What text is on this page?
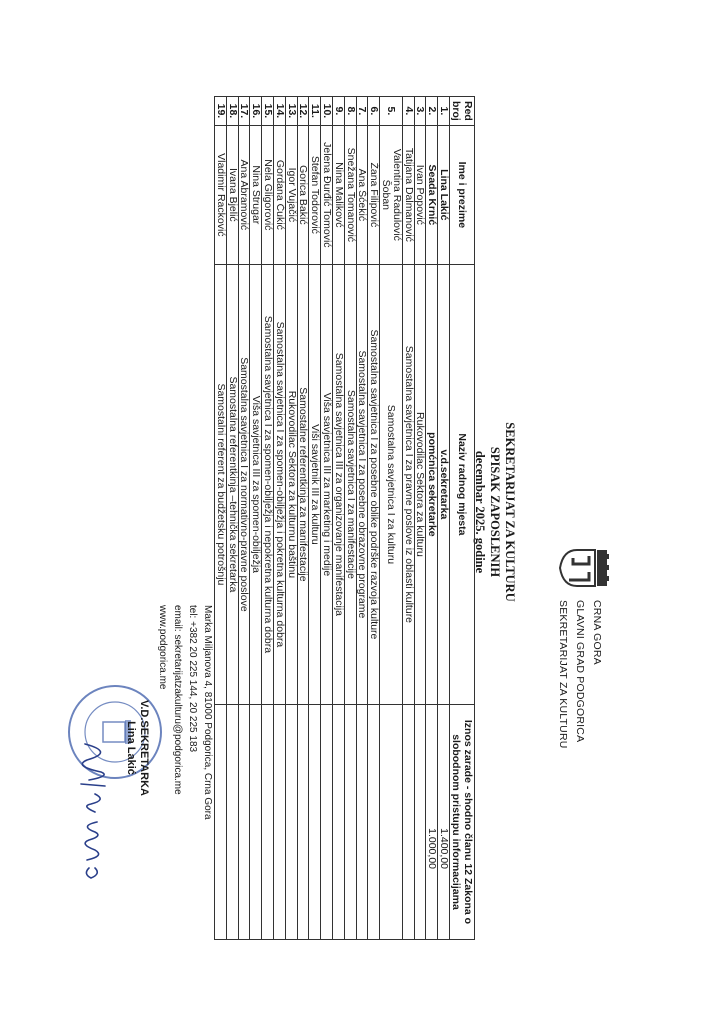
CRNA GORA
GLAVNI GRAD PODGORICA
SEKRETARIJAT ZA KULTURU
Marka Miljanova 4, 81000 Podgorica, Crna Gora
tel: +382 20 225 144, 20 225 183
email: sekretarijatzakulturu@podgorica.me
www.podgorica.me
SEKRETARIJAT ZA KULTURU
SPISAK ZAPOSLENIH
decembar 2025. godine
Red broj	Ime i prezime	Naziv radnog mjesta	Iznos zarade - shodno članu 12 Zakona o slobodnom pristupu informacijama
1.	Lina Lakić	v.d.sekretarka	1.400,00
2.	Seada Krnić	pomćnica sekretarke	1.000,00
3.	Ivan Popović	Rukovodilac Sektora za kulturu	
4.	Tatijana Dalmanović	Samostalna savjetnica I za pravne poslove iz oblasti kulture	
5.	Valentina Radulović
Šoban	Samostalna savjetnica I za kulturu	
6.	Žana Filipović	Samostalna savjetnica I za posebne oblike podrške razvoja kulture	
7.	Ana Šćekić	Samostalna savjetnica I za posebne obrazovne programe	
8.	Snežana Tomanović	Samostalna savjetnica I za manifestacije	
9.	Nina Malikovć	Samostalna savjetnica III za organizovanje manifestacija	
10.	Jelena Đurđić Tomović	Viša savjetnica III za marketing i medije	
11.	Stefan Todorović	Viši savjetnik III za kulturu	
12.	Gorica Bakić	Samostalne referentkinja za manifestacije	
13.	Igor Vujačić	Rukovodilac Sektora za kulturnu baštinu	
14.	Gordana Čukić	Samostalna savjetnica I za spomen-obilježja i pokretna kulturna dobra	
15.	Nela Gligorović	Samostalna savjetnica I za spomen-obilježja i nepokretna kulturna dobra	
16.	Nina Strugar	Viša savjetnica III za spomen-obilježja	
17.	Ana Abramović	Samostalna savjetnica I za normativno-pravne poslove	
18.	Ivana Bjelić	Samostalna referentkinja –tehnička sekretarka	
19.	Vladimir Racković	Samostalni referent za budžetsku potrošnju	
V.D.SEKRETARKA
Lina Lakić
